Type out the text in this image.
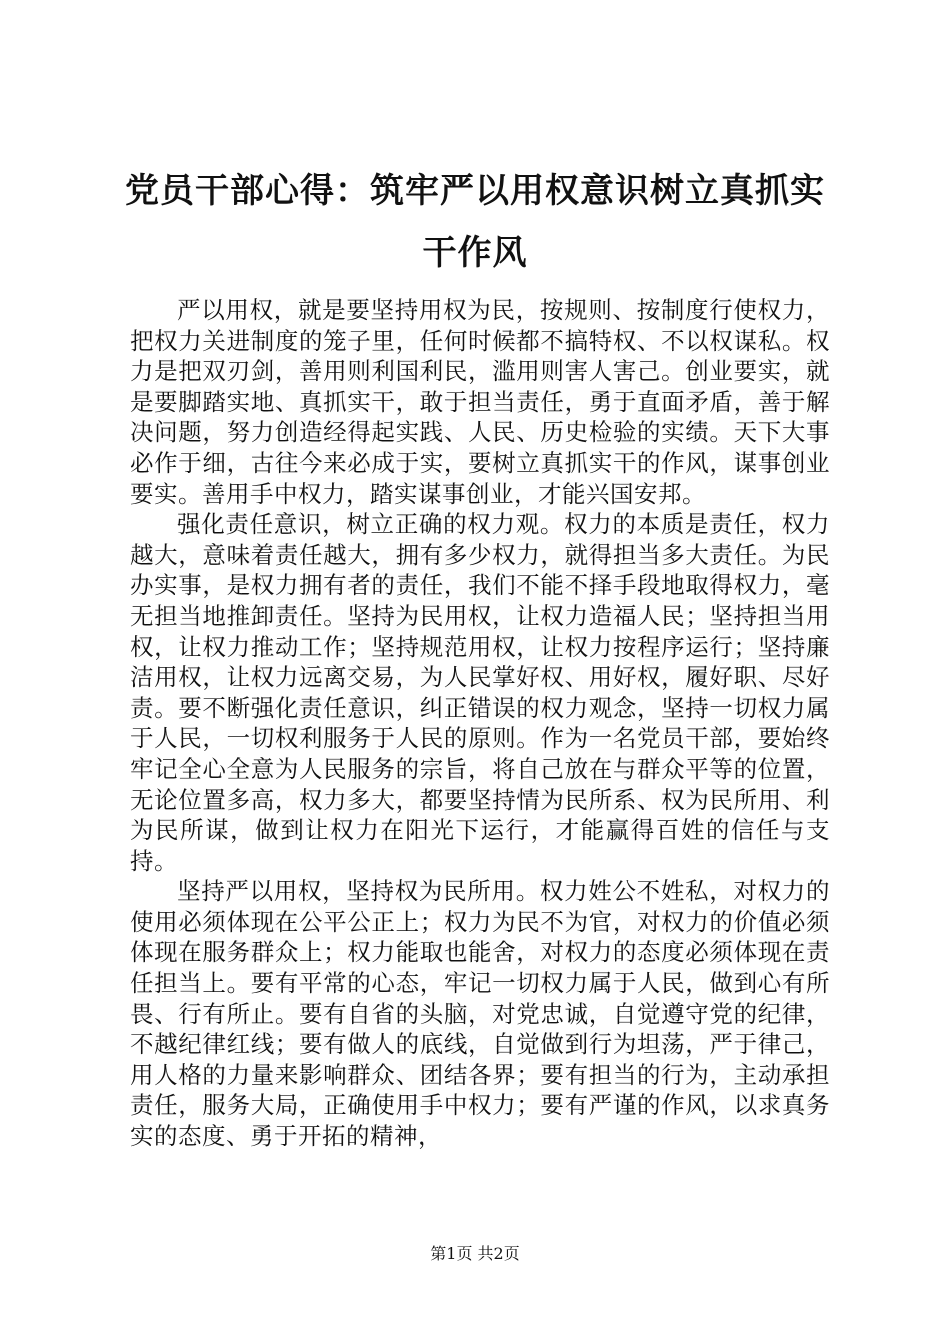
党员干部心得：筑牢严以用权意识树立真抓实干作风

严以用权，就是要坚持用权为民，按规则、按制度行使权力，把权力关进制度的笼子里，任何时候都不搞特权、不以权谋私。权力是把双刃剑，善用则利国利民，滥用则害人害己。创业要实，就是要脚踏实地、真抓实干，敢于担当责任，勇于直面矛盾，善于解决问题，努力创造经得起实践、人民、历史检验的实绩。天下大事必作于细，古往今来必成于实，要树立真抓实干的作风，谋事创业要实。善用手中权力，踏实谋事创业，才能兴国安邦。

强化责任意识，树立正确的权力观。权力的本质是责任，权力越大，意味着责任越大，拥有多少权力，就得担当多大责任。为民办实事，是权力拥有者的责任，我们不能不择手段地取得权力，毫无担当地推卸责任。坚持为民用权，让权力造福人民；坚持担当用权，让权力推动工作；坚持规范用权，让权力按程序运行；坚持廉洁用权，让权力远离交易，为人民掌好权、用好权，履好职、尽好责。要不断强化责任意识，纠正错误的权力观念，坚持一切权力属于人民，一切权利服务于人民的原则。作为一名党员干部，要始终牢记全心全意为人民服务的宗旨，将自己放在与群众平等的位置，无论位置多高，权力多大，都要坚持情为民所系、权为民所用、利为民所谋，做到让权力在阳光下运行，才能赢得百姓的信任与支持。

坚持严以用权，坚持权为民所用。权力姓公不姓私，对权力的使用必须体现在公平公正上；权力为民不为官，对权力的价值必须体现在服务群众上；权力能取也能舍，对权力的态度必须体现在责任担当上。要有平常的心态，牢记一切权力属于人民，做到心有所畏、行有所止。要有自省的头脑，对党忠诚，自觉遵守党的纪律，不越纪律红线；要有做人的底线，自觉做到行为坦荡，严于律己，用人格的力量来影响群众、团结各界；要有担当的行为，主动承担责任，服务大局，正确使用手中权力；要有严谨的作风，以求真务实的态度、勇于开拓的精神，

第1页 共2页
